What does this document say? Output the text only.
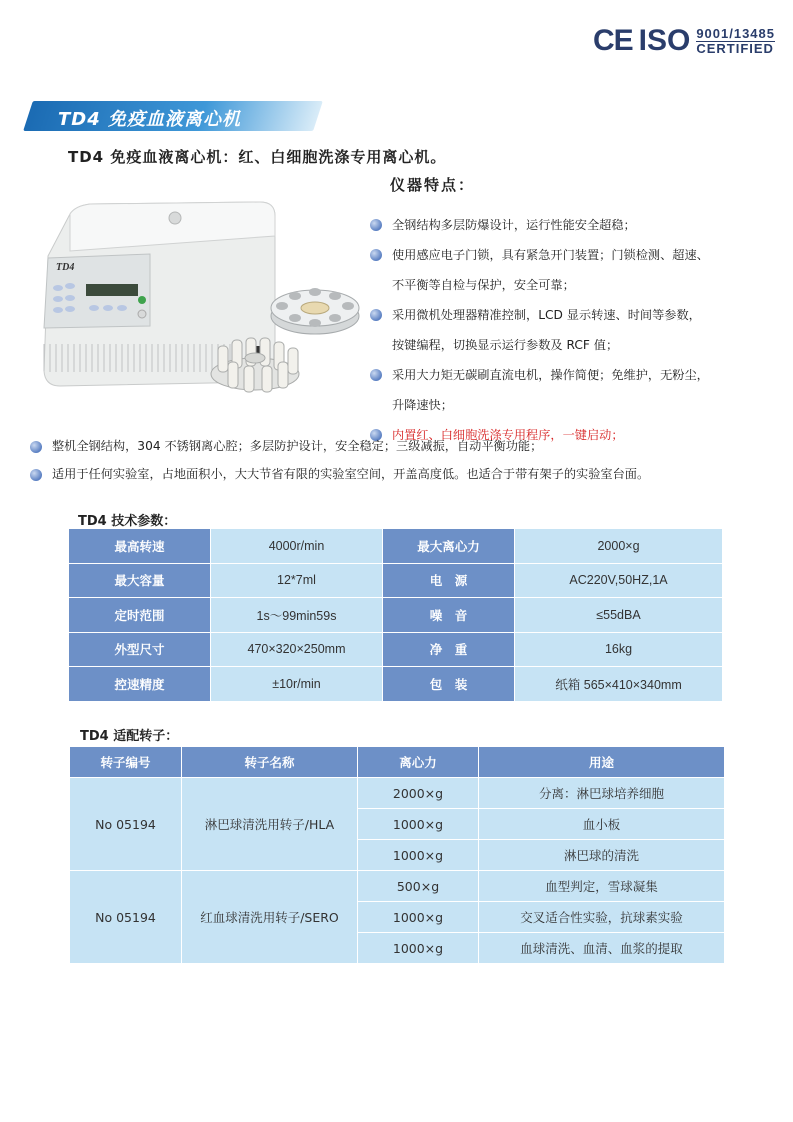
CE ISO 9001/13485
CERTIFIED
TD4 免疫血液离心机
TD4 免疫血液离心机：红、白细胞洗涤专用离心机。
仪器特点：
TD4
全钢结构多层防爆设计，运行性能安全超稳；
使用感应电子门锁，具有紧急开门装置；门锁检测、超速、
不平衡等自检与保护，安全可靠；
采用微机处理器精准控制，LCD 显示转速、时间等参数，
按键编程，切换显示运行参数及 RCF 值；
采用大力矩无碳刷直流电机，操作简便；免维护，无粉尘，
升降速快；
内置红、白细胞洗涤专用程序，一键启动；
整机全钢结构，304 不锈钢离心腔；多层防护设计，安全稳定；三级减振，自动平衡功能；
适用于任何实验室，占地面积小，大大节省有限的实验室空间，开盖高度低。也适合于带有架子的实验室台面。
TD4 技术参数：
最高转速	4000r/min	最大离心力	2000×g
最大容量	12*7ml	电　源	AC220V,50HZ,1A
定时范围	1s～99min59s	噪　音	≤55dBA
外型尺寸	470×320×250mm	净　重	16kg
控速精度	±10r/min	包　装	纸箱 565×410×340mm
TD4 适配转子：
转子编号	转子名称	离心力	用途
No 05194	淋巴球清洗用转子/HLA	2000×g	分离：淋巴球培养细胞
		1000×g	血小板
		1000×g	淋巴球的清洗
No 05194	红血球清洗用转子/SERO	500×g	血型判定，雪球凝集
		1000×g	交叉适合性实验，抗球素实验
		1000×g	血球清洗、血清、血浆的提取
